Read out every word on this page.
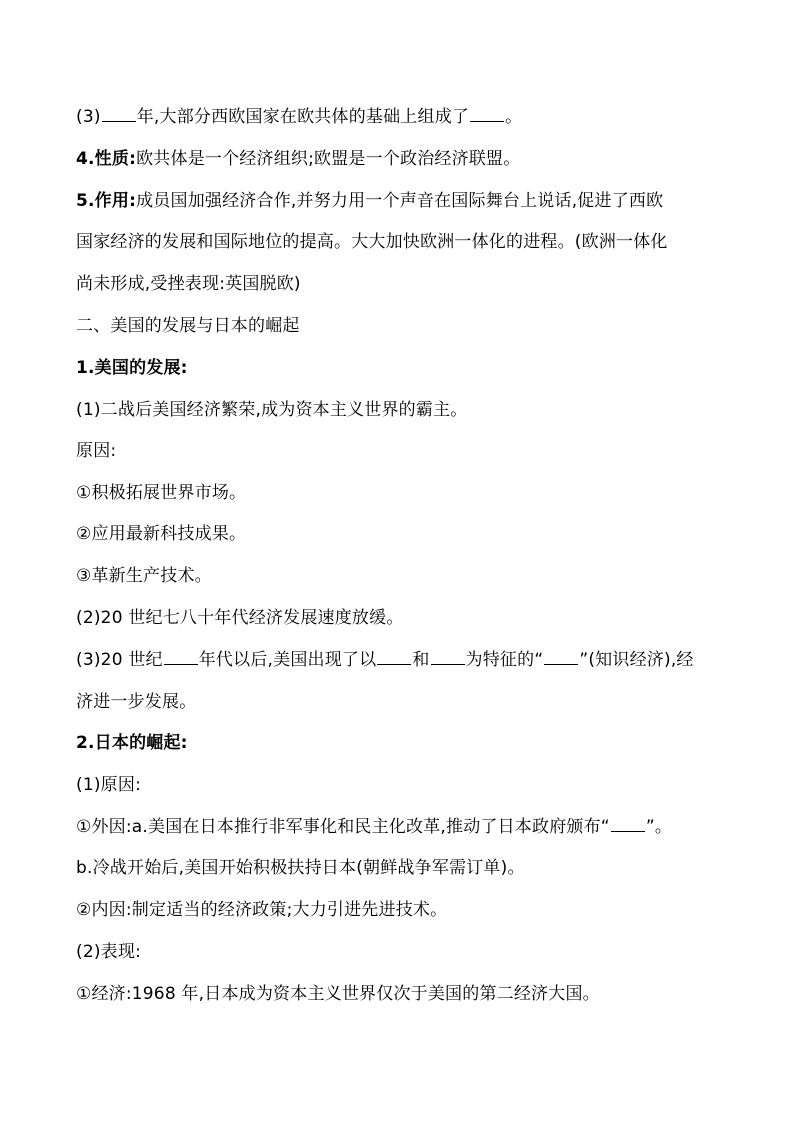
(3) 年,大部分西欧国家在欧共体的基础上组成了 。
4.性质:欧共体是一个经济组织;欧盟是一个政治经济联盟。
5.作用:成员国加强经济合作,并努力用一个声音在国际舞台上说话,促进了西欧
国家经济的发展和国际地位的提高。大大加快欧洲一体化的进程。(欧洲一体化
尚未形成,受挫表现:英国脱欧)
二、美国的发展与日本的崛起
1.美国的发展:
(1)二战后美国经济繁荣,成为资本主义世界的霸主。
原因:
①积极拓展世界市场。
②应用最新科技成果。
③革新生产技术。
(2)20 世纪七八十年代经济发展速度放缓。
(3)20 世纪 年代以后,美国出现了以 和 为特征的“ ”(知识经济),经
济进一步发展。
2.日本的崛起:
(1)原因:
①外因:a.美国在日本推行非军事化和民主化改革,推动了日本政府颁布“ ”。
b.冷战开始后,美国开始积极扶持日本(朝鲜战争军需订单)。
②内因:制定适当的经济政策;大力引进先进技术。
(2)表现:
①经济:1968 年,日本成为资本主义世界仅次于美国的第二经济大国。
